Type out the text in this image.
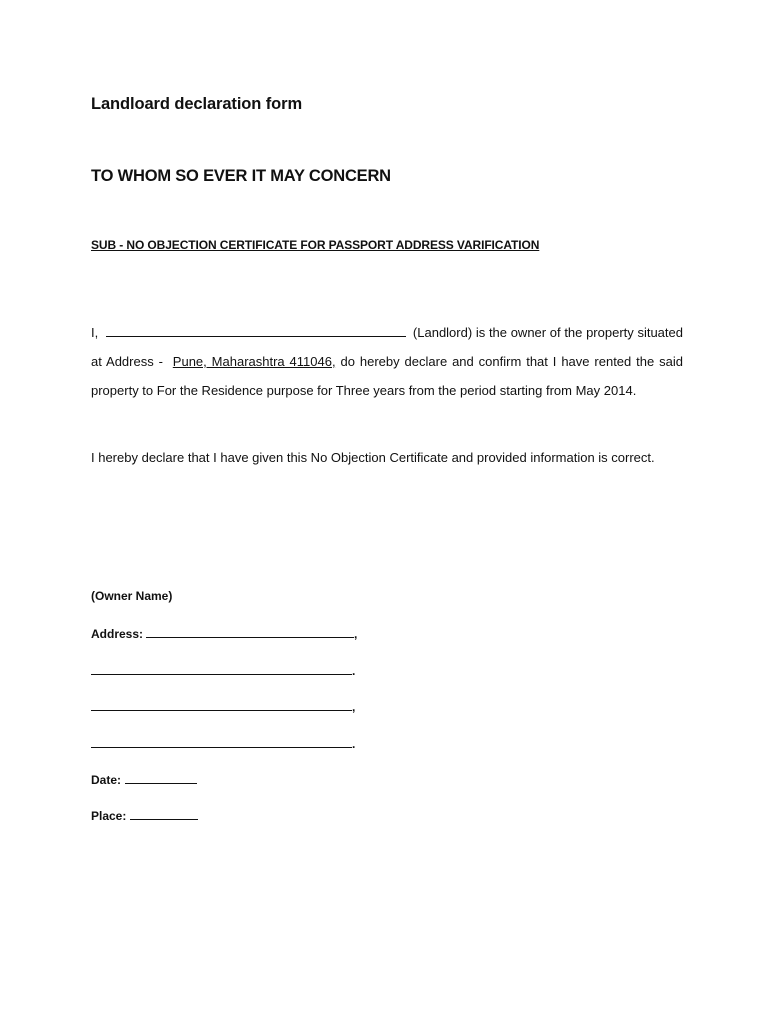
Landloard declaration form
TO WHOM SO EVER IT MAY CONCERN
SUB - NO OBJECTION CERTIFICATE FOR PASSPORT ADDRESS VARIFICATION
I,	(Landlord) is the owner of the property situated at Address - Pune, Maharashtra 411046, do hereby declare and confirm that I have rented the said property to For the Residence purpose for Three years from the period starting from May 2014.
I hereby declare that I have given this No Objection Certificate and provided information is correct.
(Owner Name)
Address:	,
.
,
.
Date:
Place:
